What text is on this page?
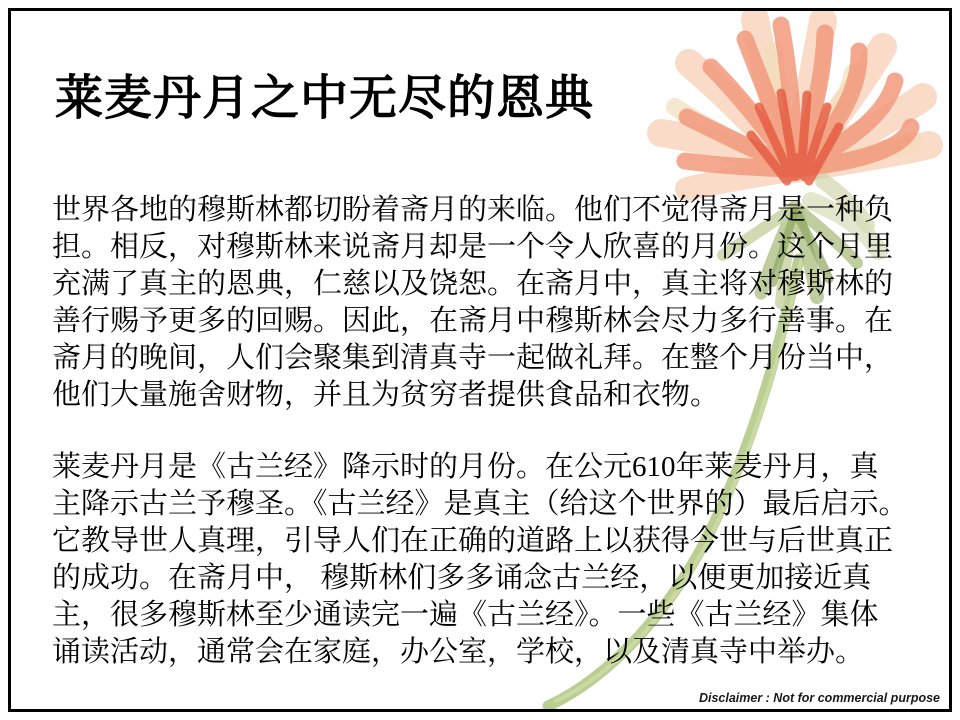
莱麦丹月之中无尽的恩典
世界各地的穆斯林都切盼着斋月的来临。他们不觉得斋月是一种负
担。相反，对穆斯林来说斋月却是一个令人欣喜的月份。这个月里
充满了真主的恩典，仁慈以及饶恕。在斋月中，真主将对穆斯林的
善行赐予更多的回赐。因此，在斋月中穆斯林会尽力多行善事。在
斋月的晚间，人们会聚集到清真寺一起做礼拜。在整个月份当中，
他们大量施舍财物，并且为贫穷者提供食品和衣物。
莱麦丹月是《古兰经》降示时的月份。在公元610年莱麦丹月，真
主降示古兰予穆圣。《古兰经》是真主（给这个世界的）最后启示。
它教导世人真理，引导人们在正确的道路上以获得今世与后世真正
的成功。在斋月中， 穆斯林们多多诵念古兰经，以便更加接近真
主，很多穆斯林至少通读完一遍《古兰经》。一些《古兰经》集体
诵读活动，通常会在家庭，办公室，学校，以及清真寺中举办。
Disclaimer : Not for commercial purpose
